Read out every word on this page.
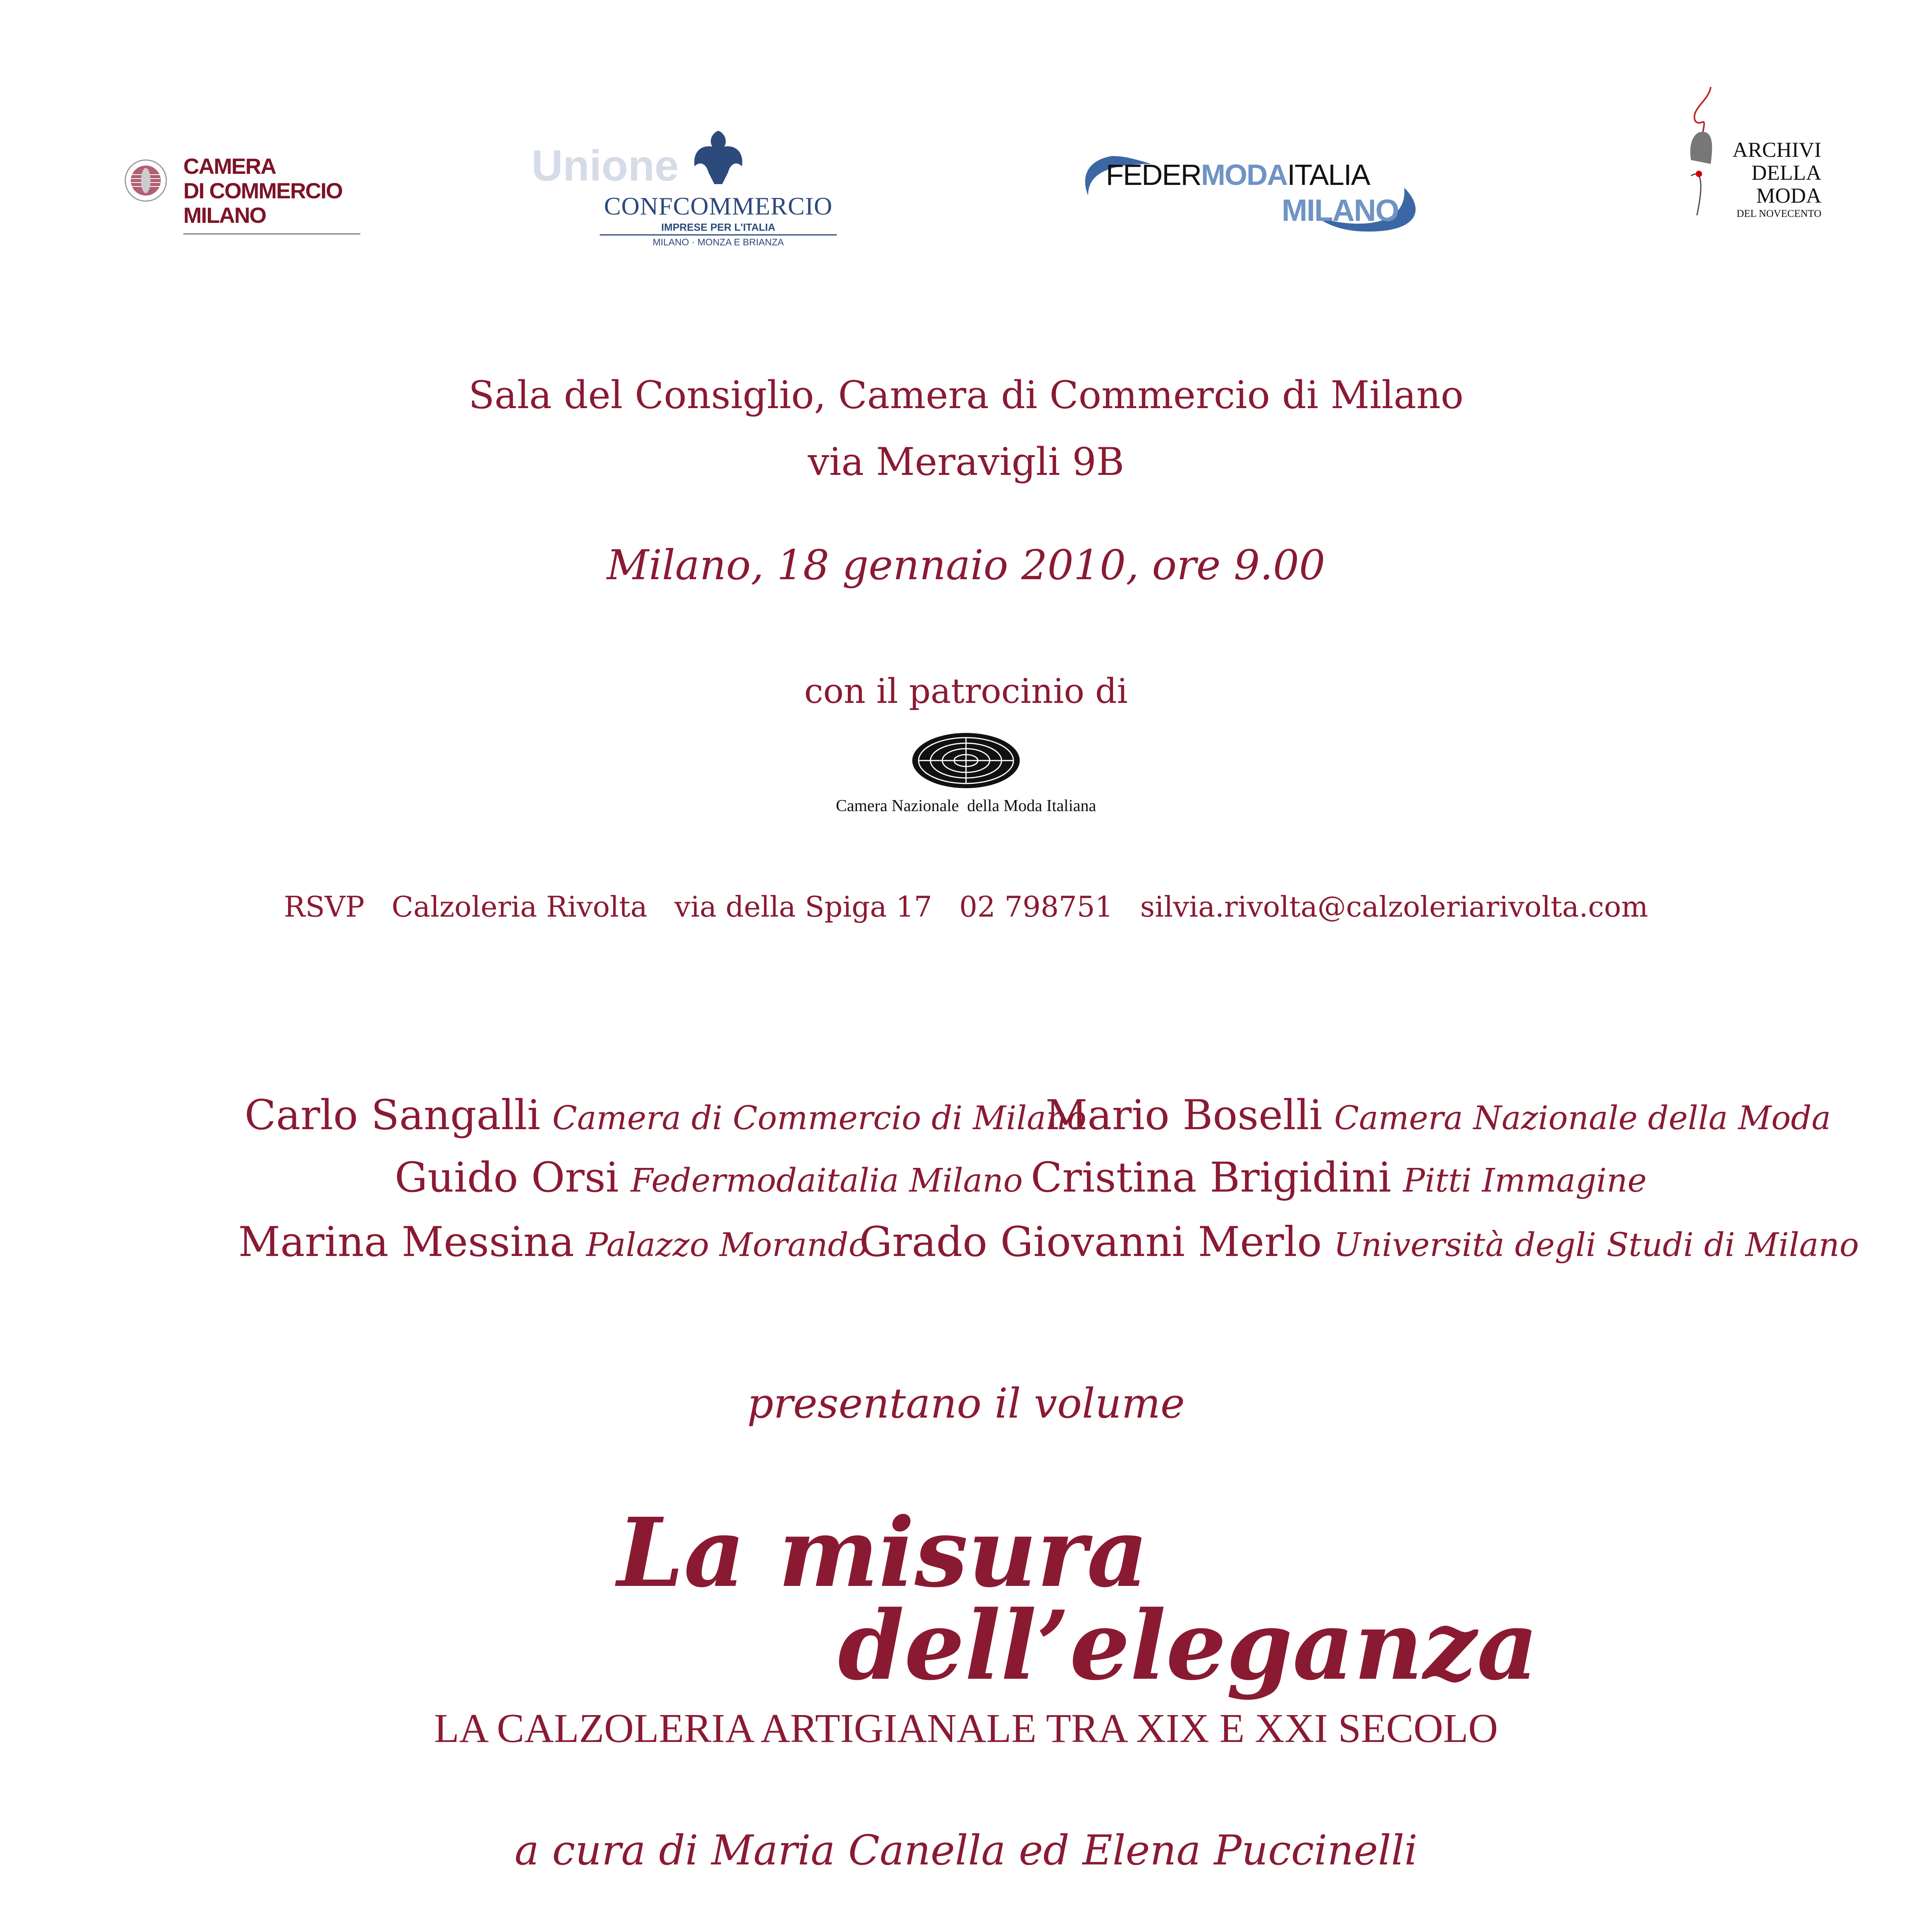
CAMERA
DI COMMERCIO
MILANO
Unione
CONFCOMMERCIO
IMPRESE PER L'ITALIA
MILANO · MONZA E BRIANZA
FEDERMODAITALIA
MILANO
ARCHIVI
DELLA
MODA
DEL NOVECENTO
Sala del Consiglio, Camera di Commercio di Milano
via Meravigli 9B
Milano, 18 gennaio 2010, ore 9.00
con il patrocinio di
Camera Nazionale  della Moda Italiana
RSVP   Calzoleria Rivolta   via della Spiga 17   02 798751   silvia.rivolta@calzoleriarivolta.com
Carlo Sangalli Camera di Commercio di Milano
Mario Boselli Camera Nazionale della Moda
Guido Orsi Federmodaitalia Milano Cristina Brigidini Pitti Immagine
Marina Messina Palazzo Morando
Grado Giovanni Merlo Università degli Studi di Milano
presentano il volume
La misura
dell’eleganza
LA CALZOLERIA ARTIGIANALE TRA XIX E XXI SECOLO
a cura di Maria Canella ed Elena Puccinelli
